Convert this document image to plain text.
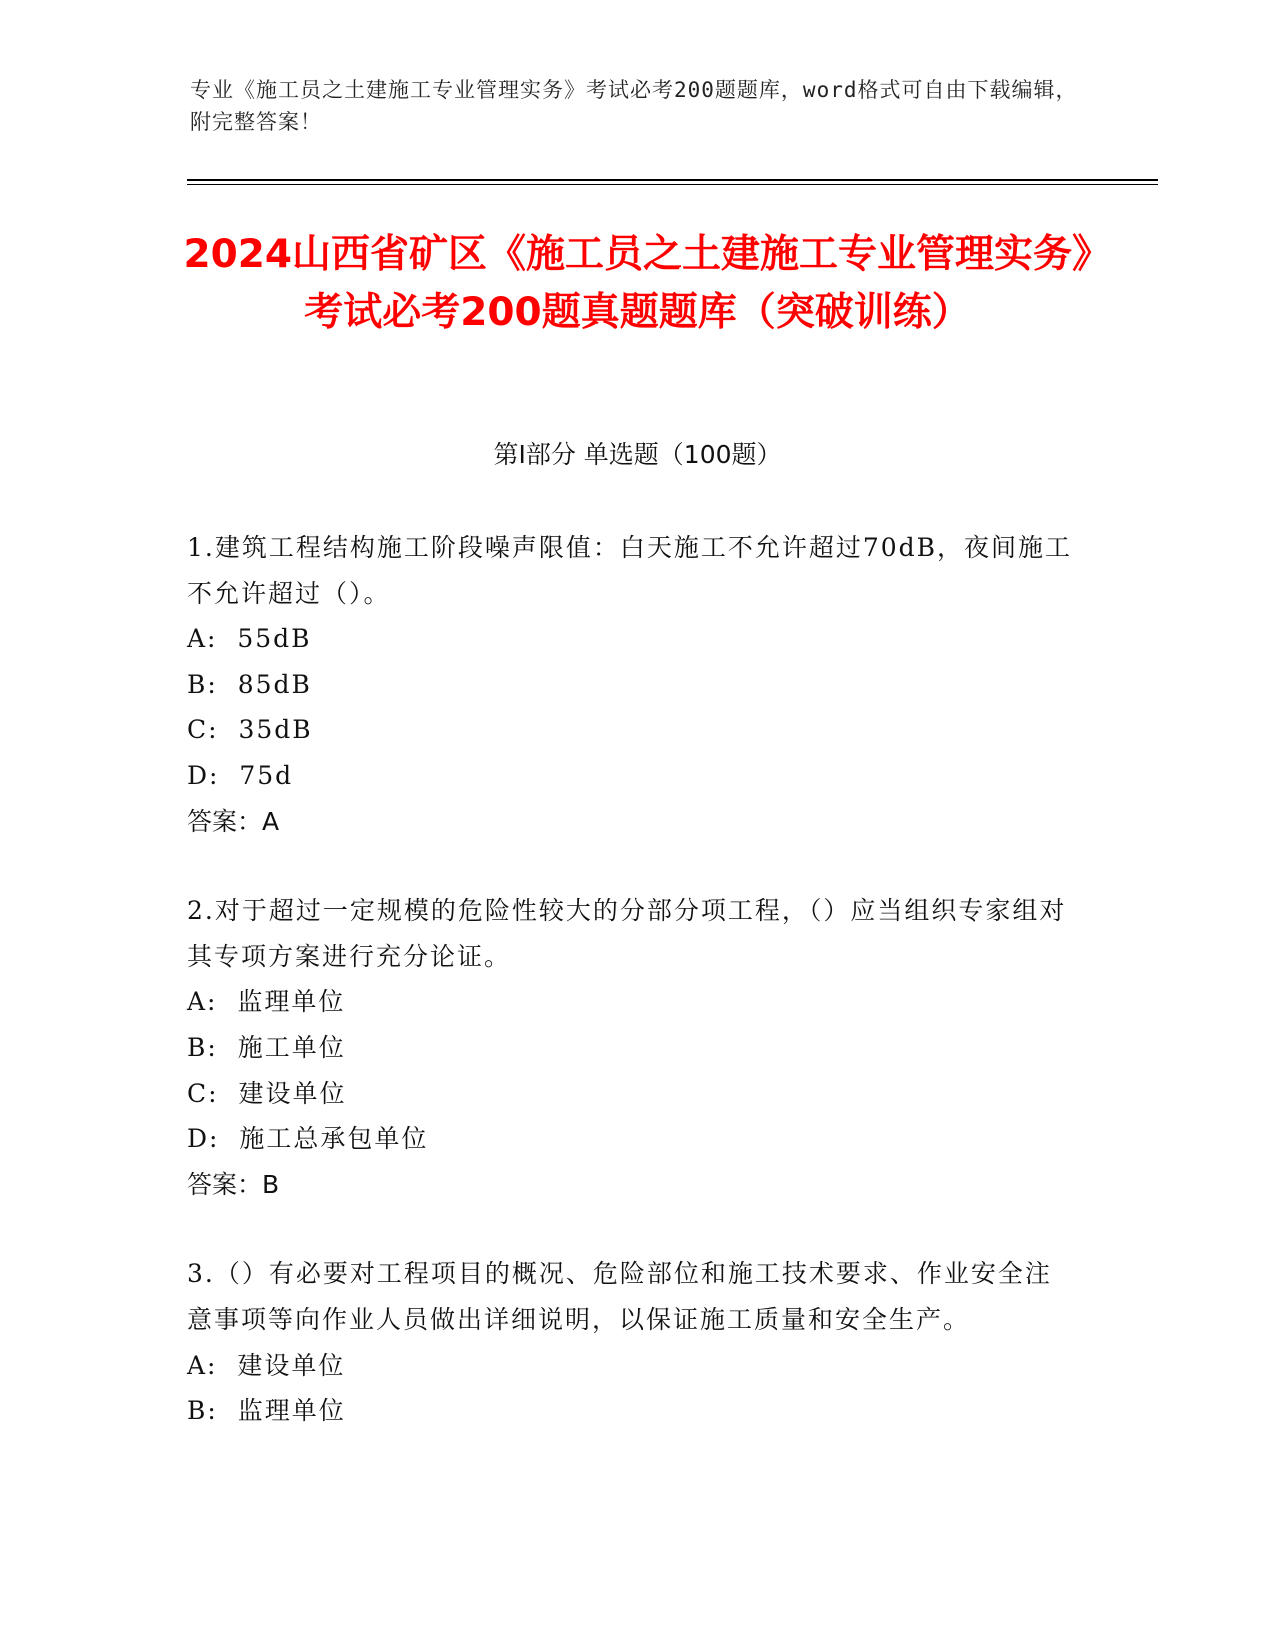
专业《施工员之土建施工专业管理实务》考试必考200题题库，word格式可自由下载编辑，附完整答案！
2024山西省矿区《施工员之土建施工专业管理实务》考试必考200题真题题库（突破训练）
第I部分 单选题（100题）
1.建筑工程结构施工阶段噪声限值：白天施工不允许超过70dB，夜间施工不允许超过（）。
A:  55dB
B:  85dB
C:  35dB
D:  75d
答案：A
2.对于超过一定规模的危险性较大的分部分项工程，（）应当组织专家组对其专项方案进行充分论证。
A:  监理单位
B:  施工单位
C:  建设单位
D:  施工总承包单位
答案：B
3.（）有必要对工程项目的概况、危险部位和施工技术要求、作业安全注意事项等向作业人员做出详细说明，以保证施工质量和安全生产。
A:  建设单位
B:  监理单位
